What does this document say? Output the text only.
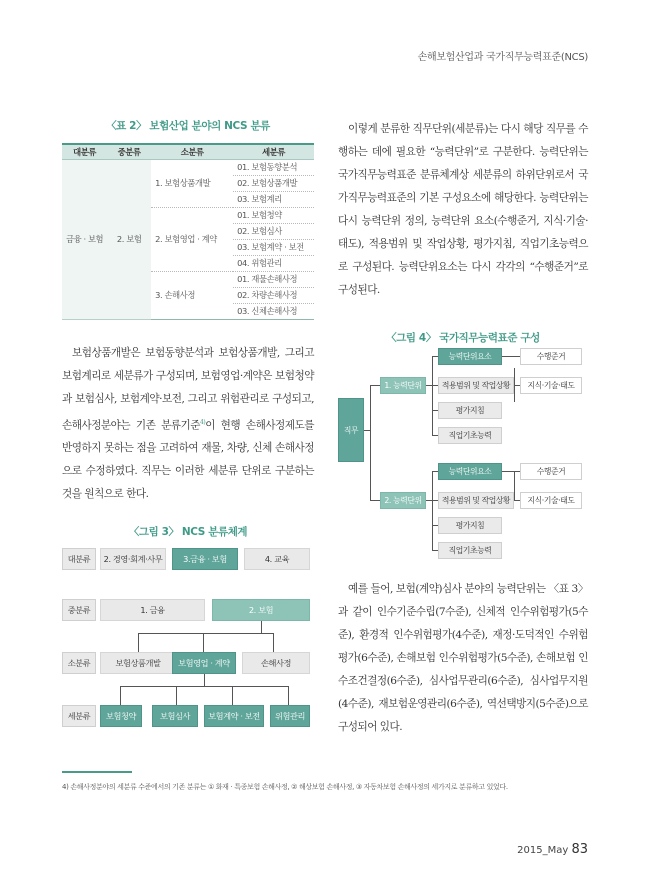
손해보험산업과 국가직무능력표준(NCS)
〈표 2〉 보험산업 분야의 NCS 분류
대분류	중분류	소분류	세분류
금융 · 보험	2. 보험	1. 보험상품개발	01. 보험동향분석
			02. 보험상품개발
			03. 보험계리
		2. 보험영업 · 계약	01. 보험청약
			02. 보험심사
			03. 보험계약 · 보전
			04. 위험관리
		3. 손해사정	01. 재물손해사정
			02. 차량손해사정
			03. 신체손해사정

보험상품개발은 보험동향분석과 보험상품개발, 그리고 보험계리로 세분류가 구성되며, 보험영업·계약은 보험청약과 보험심사, 보험계약·보전, 그리고 위험관리로 구성되고, 손해사정분야는 기존 분류기준$^{4)}$이 현행 손해사정제도를 반영하지 못하는 점을 고려하여 재물, 차량, 신체 손해사정으로 수정하였다. 직무는 이러한 세분류 단위로 구분하는 것을 원칙으로 한다.

〈그림 3〉 NCS 분류체계
대분류
중분류
소분류
세분류
2. 경영·회계·사무	3.금융 · 보험	4. 교육
1. 금융	2. 보험
보험상품개발	보험영업 · 계약	손해사정
보험청약	보험심사	보험계약 · 보전	위험관리

이렇게 분류한 직무단위(세분류)는 다시 해당 직무를 수행하는 데에 필요한 “능력단위”로 구분한다. 능력단위는 국가직무능력표준 분류체계상 세분류의 하위단위로서 국가직무능력표준의 기본 구성요소에 해당한다. 능력단위는 다시 능력단위 정의, 능력단위 요소(수행준거, 지식·기술·태도), 적용범위 및 작업상황, 평가지침, 직업기초능력으로 구성된다. 능력단위요소는 다시 각각의 “수행준거”로 구성된다.

〈그림 4〉 국가직무능력표준 구성
직무
1. 능력단위
능력단위요소
적용범위 및 작업상황
평가지침
직업기초능력
수행준거
지식·기술·태도
2. 능력단위
능력단위요소
적용범위 및 작업상황
평가지침
직업기초능력
수행준거
지식·기술·태도

예를 들어, 보험(계약)심사 분야의 능력단위는 〈표 3〉과 같이 인수기준수립(7수준), 신체적 인수위험평가(5수준), 환경적 인수위험평가(4수준), 재정·도덕적인 수위험평가(6수준), 손해보험 인수위험평가(5수준), 손해보험 인수조건결정(6수준), 심사업무관리(6수준), 심사업무지원(4수준), 재보험운영관리(6수준), 역선택방지(5수준)으로 구성되어 있다.

4) 손해사정분야의 세분류 수준에서의 기존 분류는 ① 화재 · 특종보험 손해사정, ② 해상보험 손해사정, ③ 자동차보험 손해사정의 세가지로 분류하고 있었다.
2015_May 83
